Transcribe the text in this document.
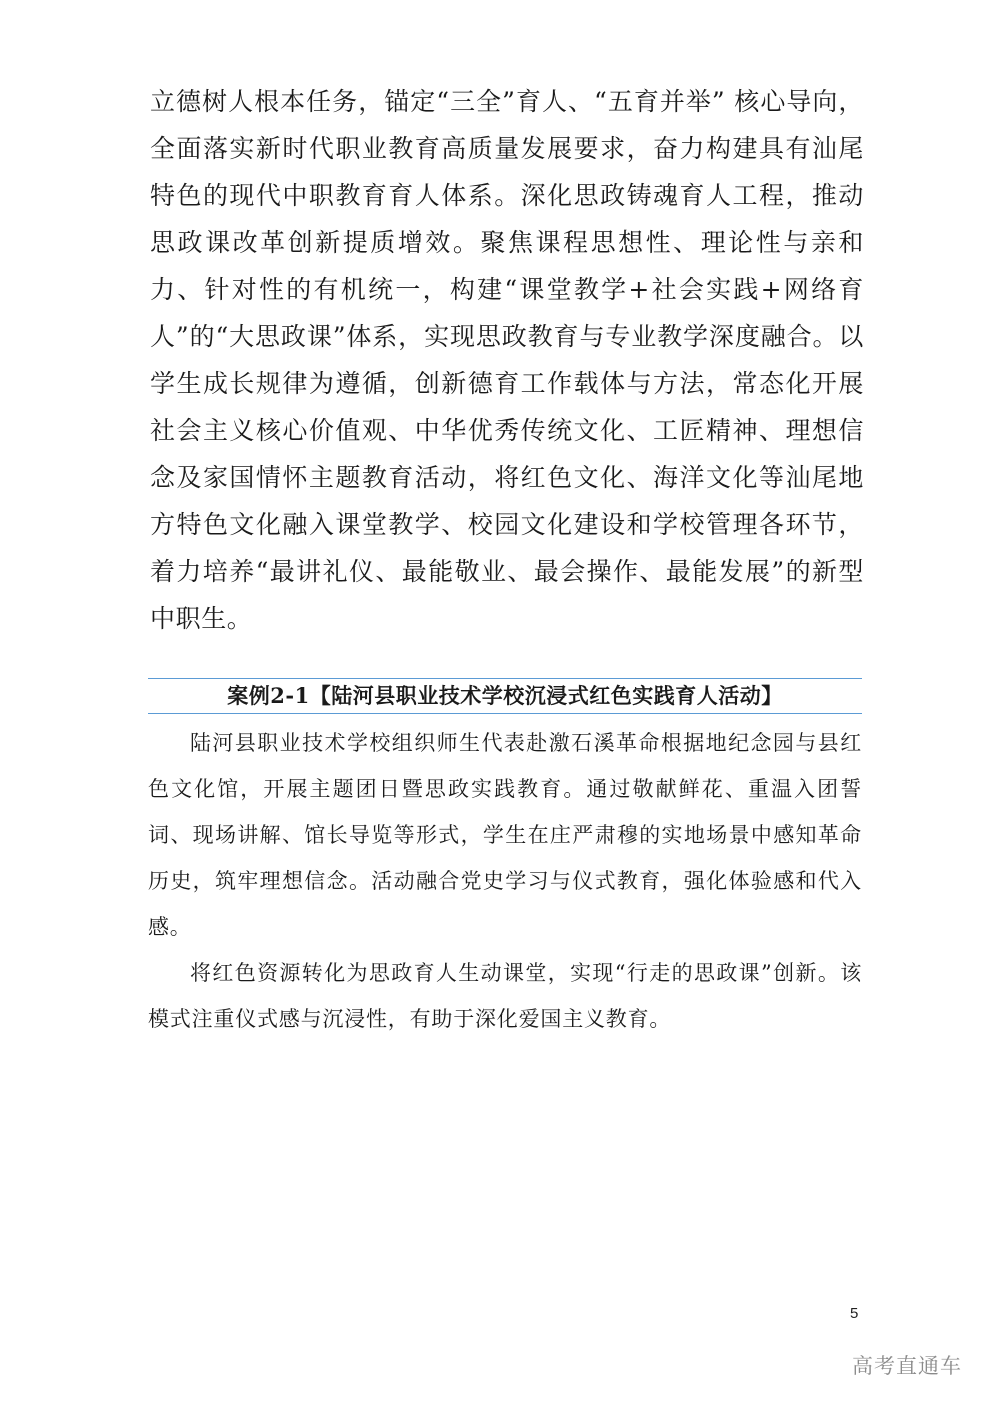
立德树人根本任务，锚定“三全”育人、“五育并举” 核心导向，全面落实新时代职业教育高质量发展要求，奋力构建具有汕尾特色的现代中职教育育人体系。深化思政铸魂育人工程，推动思政课改革创新提质增效。聚焦课程思想性、理论性与亲和力、针对性的有机统一，构建“课堂教学+社会实践+网络育人”的“大思政课”体系，实现思政教育与专业教学深度融合。以学生成长规律为遵循，创新德育工作载体与方法，常态化开展社会主义核心价值观、中华优秀传统文化、工匠精神、理想信念及家国情怀主题教育活动，将红色文化、海洋文化等汕尾地方特色文化融入课堂教学、校园文化建设和学校管理各环节，着力培养“最讲礼仪、最能敬业、最会操作、最能发展”的新型中职生。

案例2-1【陆河县职业技术学校沉浸式红色实践育人活动】

陆河县职业技术学校组织师生代表赴激石溪革命根据地纪念园与县红色文化馆，开展主题团日暨思政实践教育。通过敬献鲜花、重温入团誓词、现场讲解、馆长导览等形式，学生在庄严肃穆的实地场景中感知革命历史，筑牢理想信念。活动融合党史学习与仪式教育，强化体验感和代入感。

将红色资源转化为思政育人生动课堂，实现“行走的思政课”创新。该模式注重仪式感与沉浸性，有助于深化爱国主义教育。

5
高考直通车
